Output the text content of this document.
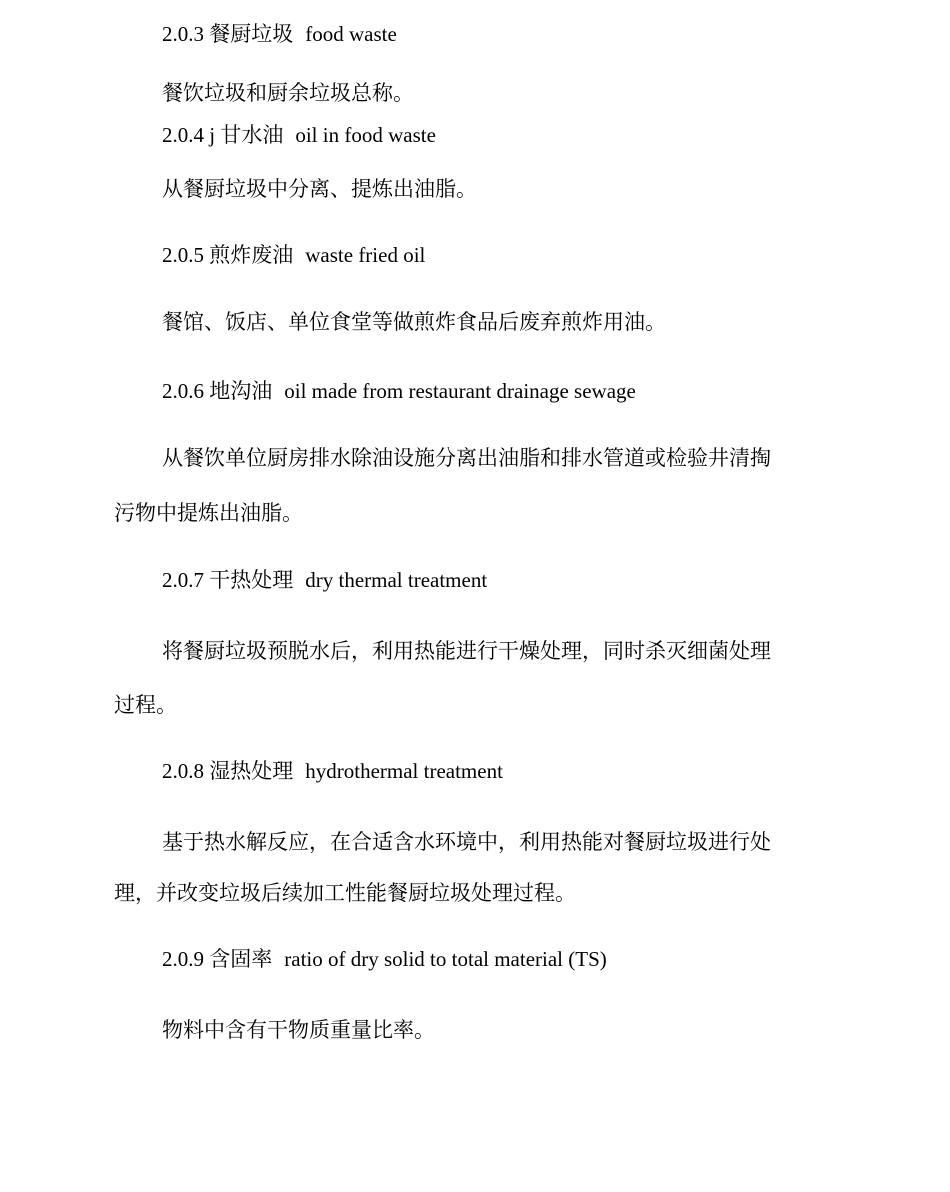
2.0.3 餐厨垃圾 food waste
餐饮垃圾和厨余垃圾总称。
2.0.4 j 甘水油 oil in food waste
从餐厨垃圾中分离、提炼出油脂。
2.0.5 煎炸废油 waste fried oil
餐馆、饭店、单位食堂等做煎炸食品后废弃煎炸用油。
2.0.6 地沟油 oil made from restaurant drainage sewage
从餐饮单位厨房排水除油设施分离出油脂和排水管道或检验井清掏
污物中提炼出油脂。
2.0.7 干热处理 dry thermal treatment
将餐厨垃圾预脱水后，利用热能进行干燥处理，同时杀灭细菌处理
过程。
2.0.8 湿热处理 hydrothermal treatment
基于热水解反应，在合适含水环境中，利用热能对餐厨垃圾进行处
理，并改变垃圾后续加工性能餐厨垃圾处理过程。
2.0.9 含固率 ratio of dry solid to total material (TS)
物料中含有干物质重量比率。
